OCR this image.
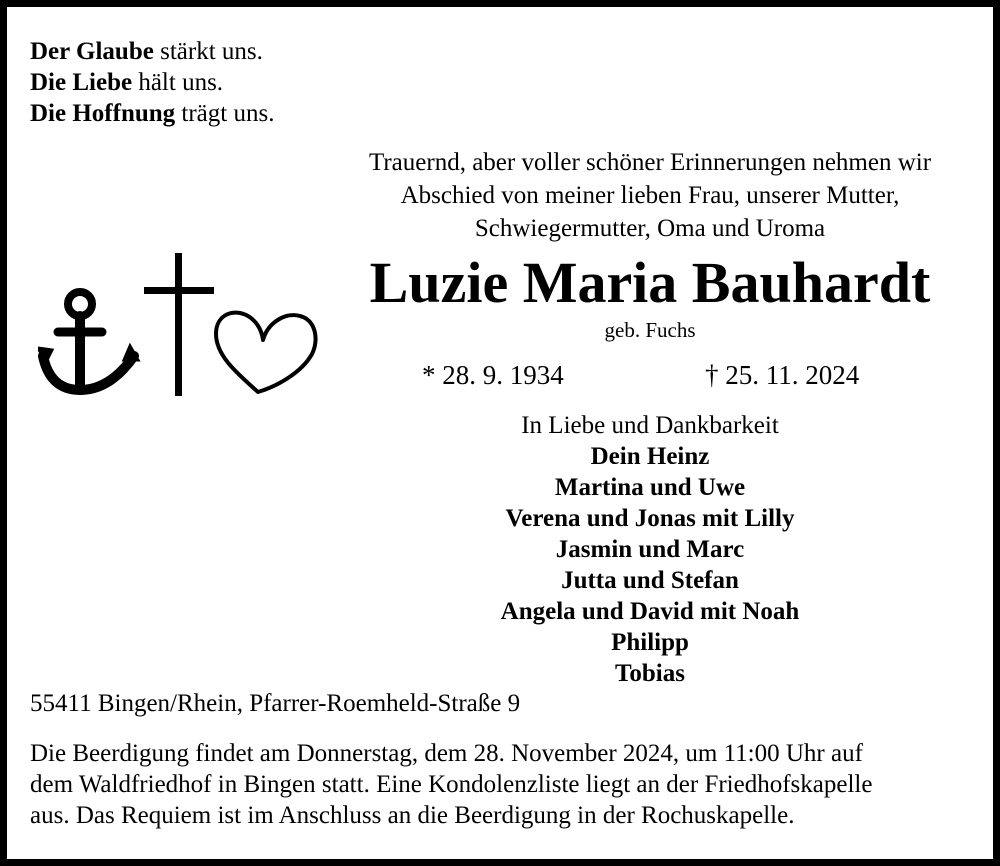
Der Glaube stärkt uns.
Die Liebe hält uns.
Die Hoffnung trägt uns.
Trauernd, aber voller schöner Erinnerungen nehmen wir
Abschied von meiner lieben Frau, unserer Mutter,
Schwiegermutter, Oma und Uroma
Luzie Maria Bauhardt
geb. Fuchs
* 28. 9. 1934	† 25. 11. 2024
In Liebe und Dankbarkeit
Dein Heinz
Martina und Uwe
Verena und Jonas mit Lilly
Jasmin und Marc
Jutta und Stefan
Angela und David mit Noah
Philipp
Tobias
55411 Bingen/Rhein, Pfarrer-Roemheld-Straße 9
Die Beerdigung findet am Donnerstag, dem 28. November 2024, um 11:00 Uhr auf
dem Waldfriedhof in Bingen statt. Eine Kondolenzliste liegt an der Friedhofskapelle
aus. Das Requiem ist im Anschluss an die Beerdigung in der Rochuskapelle.
